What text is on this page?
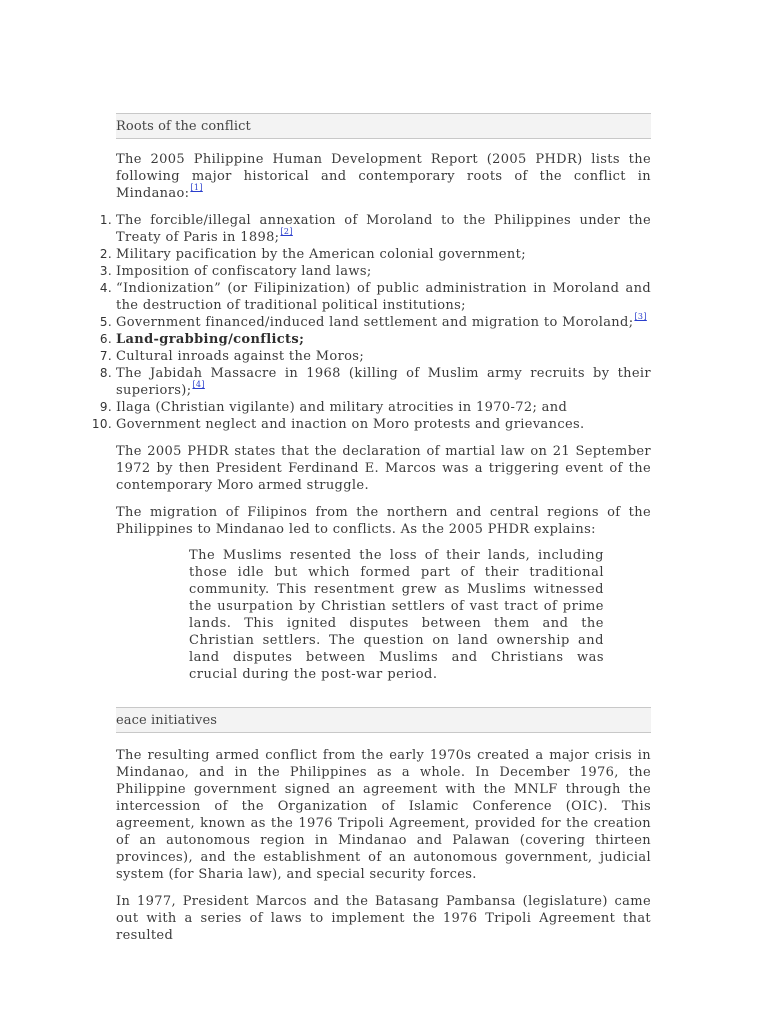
Roots of the conflict

The 2005 Philippine Human Development Report (2005 PHDR) lists the following major historical and contemporary roots of the conflict in Mindanao:[1]

1. The forcible/illegal annexation of Moroland to the Philippines under the Treaty of Paris in 1898;[2]
2. Military pacification by the American colonial government;
3. Imposition of confiscatory land laws;
4. “Indionization” (or Filipinization) of public administration in Moroland and the destruction of traditional political institutions;
5. Government financed/induced land settlement and migration to Moroland;[3]
6. Land-grabbing/conflicts;
7. Cultural inroads against the Moros;
8. The Jabidah Massacre in 1968 (killing of Muslim army recruits by their superiors);[4]
9. Ilaga (Christian vigilante) and military atrocities in 1970-72; and
10. Government neglect and inaction on Moro protests and grievances.

The 2005 PHDR states that the declaration of martial law on 21 September 1972 by then President Ferdinand E. Marcos was a triggering event of the contemporary Moro armed struggle.

The migration of Filipinos from the northern and central regions of the Philippines to Mindanao led to conflicts. As the 2005 PHDR explains:

The Muslims resented the loss of their lands, including those idle but which formed part of their traditional community. This resentment grew as Muslims witnessed the usurpation by Christian settlers of vast tract of prime lands. This ignited disputes between them and the Christian settlers. The question on land ownership and land disputes between Muslims and Christians was crucial during the post-war period.

eace initiatives

The resulting armed conflict from the early 1970s created a major crisis in Mindanao, and in the Philippines as a whole. In December 1976, the Philippine government signed an agreement with the MNLF through the intercession of the Organization of Islamic Conference (OIC). This agreement, known as the 1976 Tripoli Agreement, provided for the creation of an autonomous region in Mindanao and Palawan (covering thirteen provinces), and the establishment of an autonomous government, judicial system (for Sharia law), and special security forces.

In 1977, President Marcos and the Batasang Pambansa (legislature) came out with a series of laws to implement the 1976 Tripoli Agreement that resulted
